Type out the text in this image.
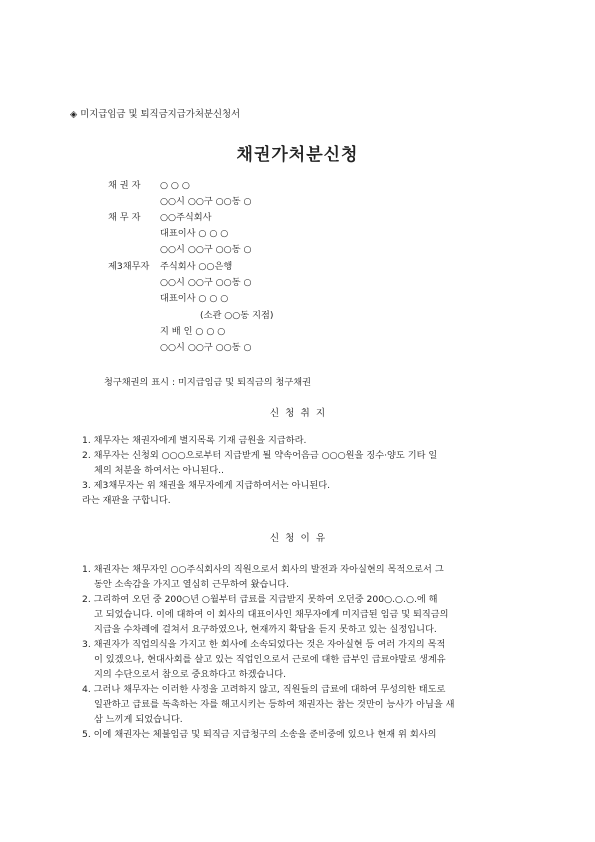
◈ 미지급임금 및 퇴직금지급가처분신청서
채권가처분신청
채 권 자 ○ ○ ○
○○시 ○○구 ○○동 ○
채 무 자 ○○주식회사
대표이사 ○ ○ ○
○○시 ○○구 ○○동 ○
제3채무자 주식회사 ○○은행
○○시 ○○구 ○○동 ○
대표이사 ○ ○ ○
(소관 ○○동 지점)
지 배 인 ○ ○ ○
○○시 ○○구 ○○동 ○
청구채권의 표시 : 미지급임금 및 퇴직금의 청구채권
신  청  취  지
1. 채무자는 채권자에게 별지목록 기재 금원을 지급하라.
2. 채무자는 신청외 ○○○으로부터 지급받게 될 약속어음금 ○○○원을 징수·양도 기타 일
체의 처분을 하여서는 아니된다..
3. 제3채무자는 위 채권을 채무자에게 지급하여서는 아니된다.
라는 재판을 구합니다.
신  청  이  유
1. 채권자는 채무자인 ○○주식회사의 직원으로서 회사의 발전과 자아실현의 목적으로서 그
동안 소속감을 가지고 열심히 근무하여 왔습니다.
2. 그리하여 오던 중 200○년 ○월부터 급료를 지급받지 못하여 오던중 200○.○.○.에 해
고 되었습니다. 이에 대하여 이 회사의 대표이사인 채무자에게 미지급된 임금 및 퇴직금의
지급을 수차례에 걸쳐서 요구하였으나, 현재까지 확답을 듣지 못하고 있는 실정입니다.
3. 채권자가 직업의식을 가지고 한 회사에 소속되었다는 것은 자아실현 등 여러 가지의 목적
이 있겠으나, 현대사회를 살고 있는 직업인으로서 근로에 대한 급부인 급료야말로 생계유
지의 수단으로서 참으로 중요하다고 하겠습니다.
4. 그러나 채무자는 이러한 사정을 고려하지 않고, 직원들의 급료에 대하여 무성의한 태도로
일관하고 급료를 독촉하는 자를 해고시키는 등하여 채권자는 참는 것만이 능사가 아님을 새
삼 느끼게 되었습니다.
5. 이에 채권자는 체불임금 및 퇴직금 지급청구의 소송을 준비중에 있으나 현재 위 회사의
